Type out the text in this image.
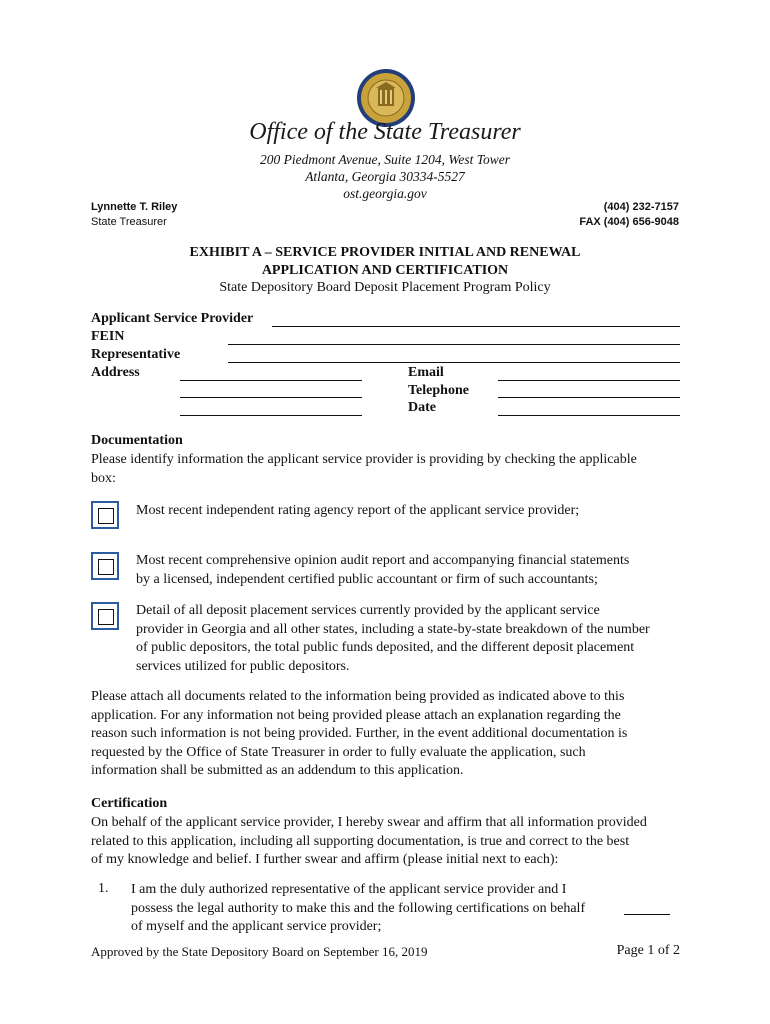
Office of the State Treasurer
200 Piedmont Avenue, Suite 1204, West Tower
Atlanta, Georgia 30334-5527
ost.georgia.gov
Lynnette T. Riley
State Treasurer
(404) 232-7157
FAX (404) 656-9048
EXHIBIT A – SERVICE PROVIDER INITIAL AND RENEWAL
APPLICATION AND CERTIFICATION
State Depository Board Deposit Placement Program Policy
Applicant Service Provider
FEIN
Representative
Address	Email
Telephone
Date
Documentation
Please identify information the applicant service provider is providing by checking the applicable
box:
Most recent independent rating agency report of the applicant service provider;
Most recent comprehensive opinion audit report and accompanying financial statements
by a licensed, independent certified public accountant or firm of such accountants;
Detail of all deposit placement services currently provided by the applicant service
provider in Georgia and all other states, including a state-by-state breakdown of the number
of public depositors, the total public funds deposited, and the different deposit placement
services utilized for public depositors.
Please attach all documents related to the information being provided as indicated above to this
application. For any information not being provided please attach an explanation regarding the
reason such information is not being provided. Further, in the event additional documentation is
requested by the Office of State Treasurer in order to fully evaluate the application, such
information shall be submitted as an addendum to this application.
Certification
On behalf of the applicant service provider, I hereby swear and affirm that all information provided
related to this application, including all supporting documentation, is true and correct to the best
of my knowledge and belief. I further swear and affirm (please initial next to each):
1. I am the duly authorized representative of the applicant service provider and I
possess the legal authority to make this and the following certifications on behalf
of myself and the applicant service provider;
Approved by the State Depository Board on September 16, 2019	Page 1 of 2
